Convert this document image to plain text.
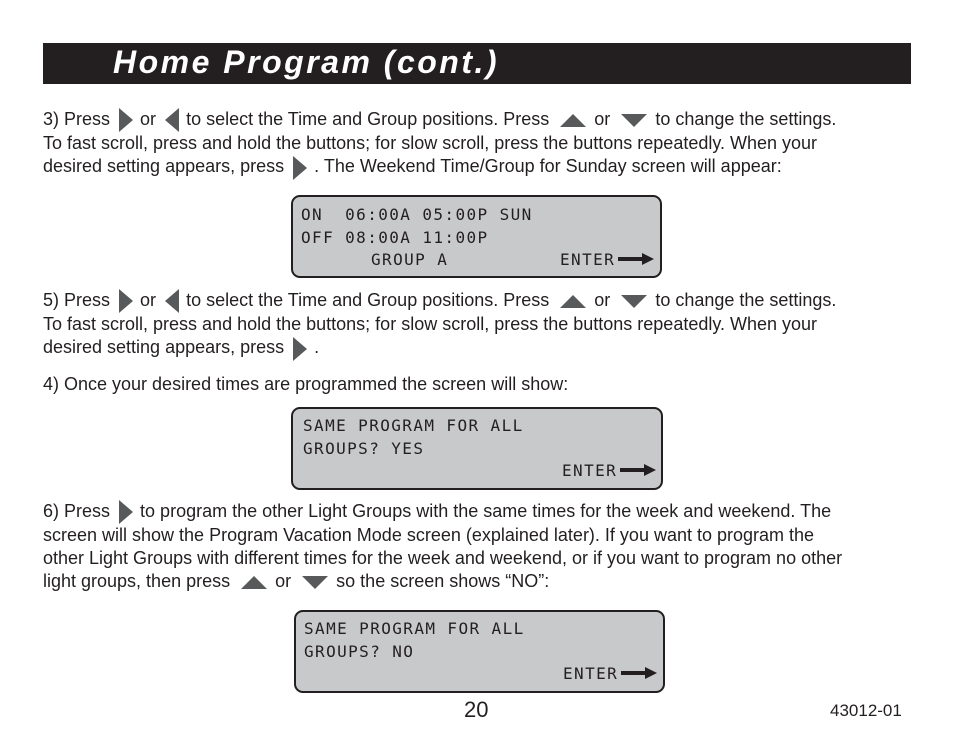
Home Program (cont.)
3) Press or to select the Time and Group positions. Press	or	to change the settings.
To fast scroll, press and hold the buttons; for slow scroll, press the buttons repeatedly. When your
desired setting appears, press . The Weekend Time/Group for Sunday screen will appear:
ON  06:00A 05:00P SUN
OFF 08:00A 11:00P
GROUP A	ENTER
5) Press or to select the Time and Group positions. Press	or	to change the settings.
To fast scroll, press and hold the buttons; for slow scroll, press the buttons repeatedly. When your
desired setting appears, press .
4) Once your desired times are programmed the screen will show:
SAME PROGRAM FOR ALL
GROUPS? YES
ENTER
6) Press to program the other Light Groups with the same times for the week and weekend. The
screen will show the Program Vacation Mode screen (explained later). If you want to program the
other Light Groups with different times for the week and weekend, or if you want to program no other
light groups, then press	or	so the screen shows “NO”:
SAME PROGRAM FOR ALL
GROUPS? NO
ENTER
20	43012-01
